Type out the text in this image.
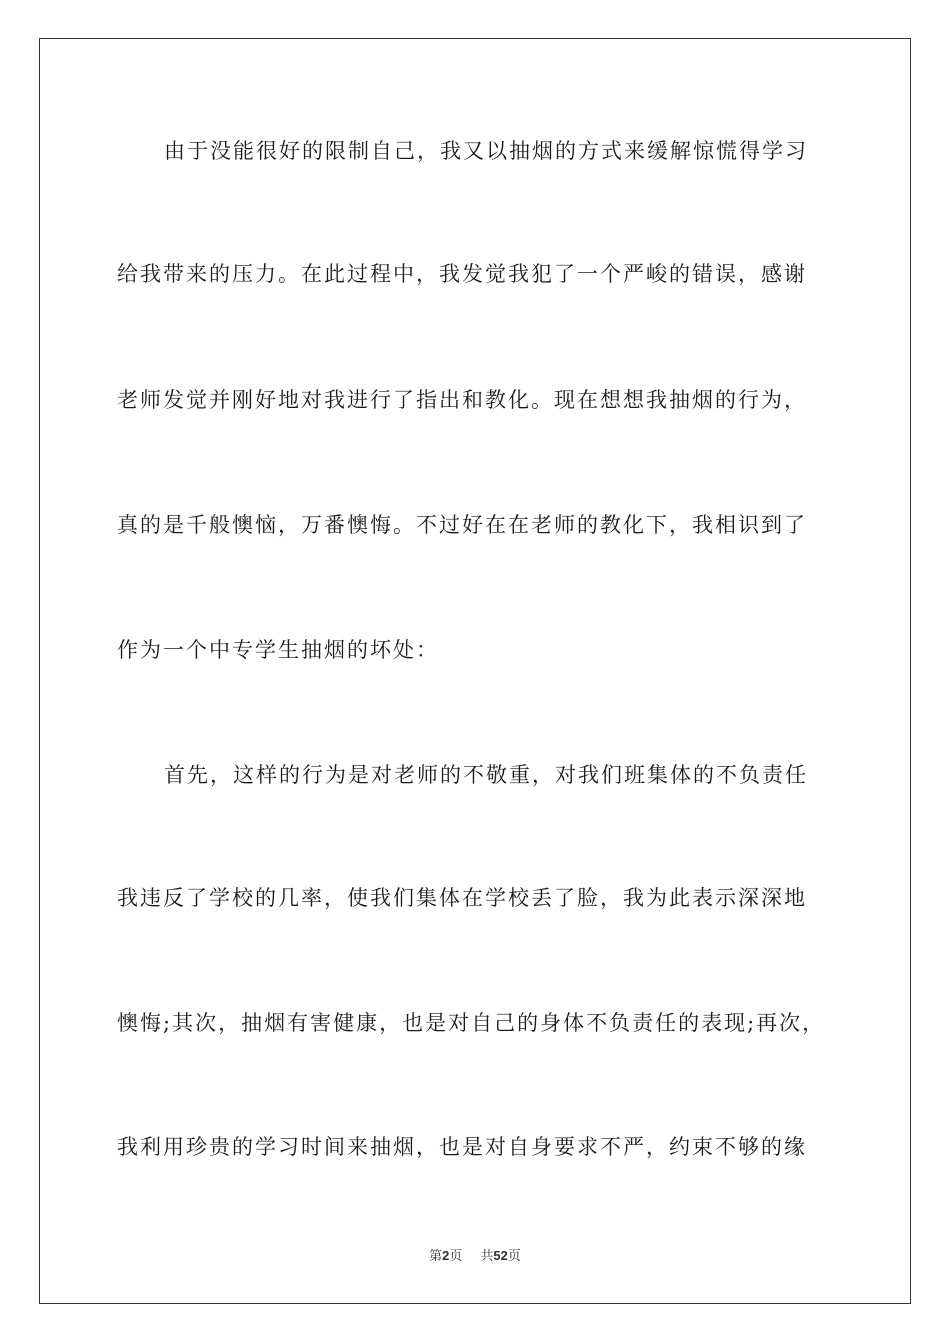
由于没能很好的限制自己，我又以抽烟的方式来缓解惊慌得学习
给我带来的压力。在此过程中，我发觉我犯了一个严峻的错误，感谢
老师发觉并刚好地对我进行了指出和教化。现在想想我抽烟的行为，
真的是千般懊恼，万番懊悔。不过好在在老师的教化下，我相识到了
作为一个中专学生抽烟的坏处：
首先，这样的行为是对老师的不敬重，对我们班集体的不负责任
我违反了学校的几率，使我们集体在学校丢了脸，我为此表示深深地
懊悔;其次，抽烟有害健康，也是对自己的身体不负责任的表现;再次，
我利用珍贵的学习时间来抽烟，也是对自身要求不严，约束不够的缘
第2页 共52页
